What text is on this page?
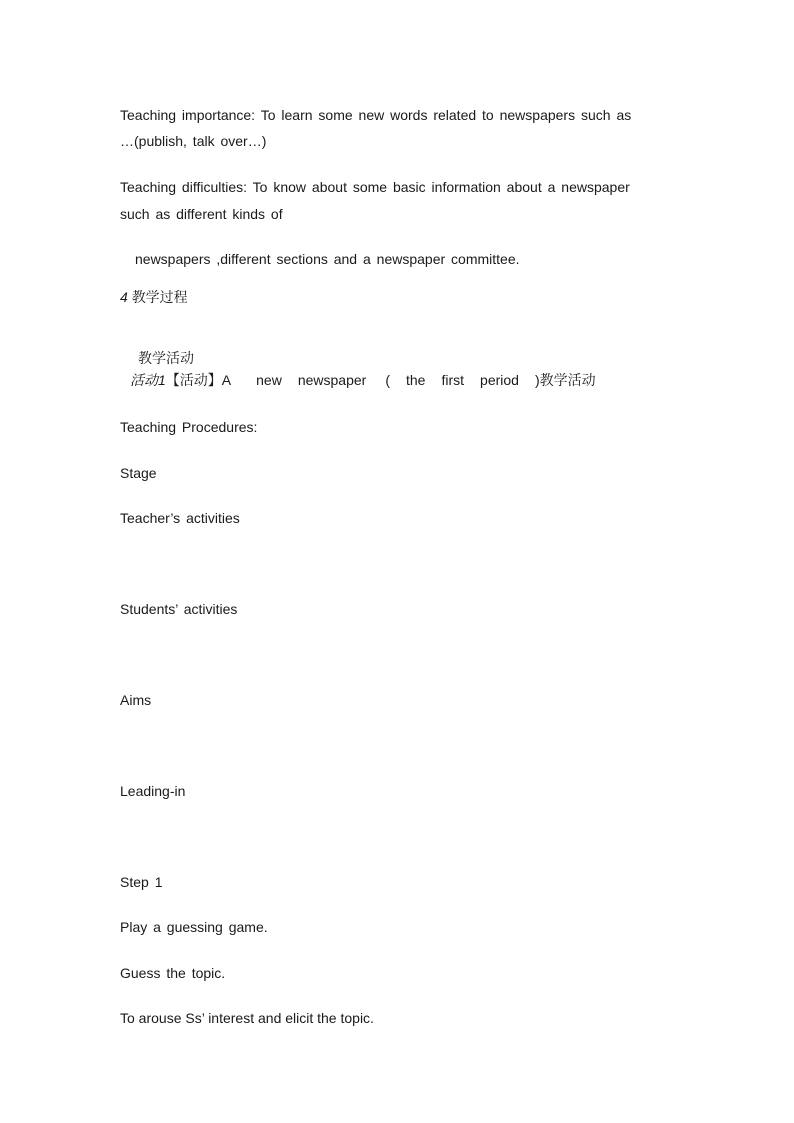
Teaching importance: To learn some new words related to newspapers such as
…(publish, talk over…)
Teaching difficulties: To know about some basic information about a newspaper
such as different kinds of
newspapers ,different sections and a newspaper committee.
4 教学过程
教学活动
活动1【活动】A new newspaper ( the first period )教学活动
Teaching Procedures:
Stage
Teacher’s activities
Students’ activities
Aims
Leading-in
Step 1
Play a guessing game.
Guess the topic.
To arouse Ss’ interest and elicit the topic.
